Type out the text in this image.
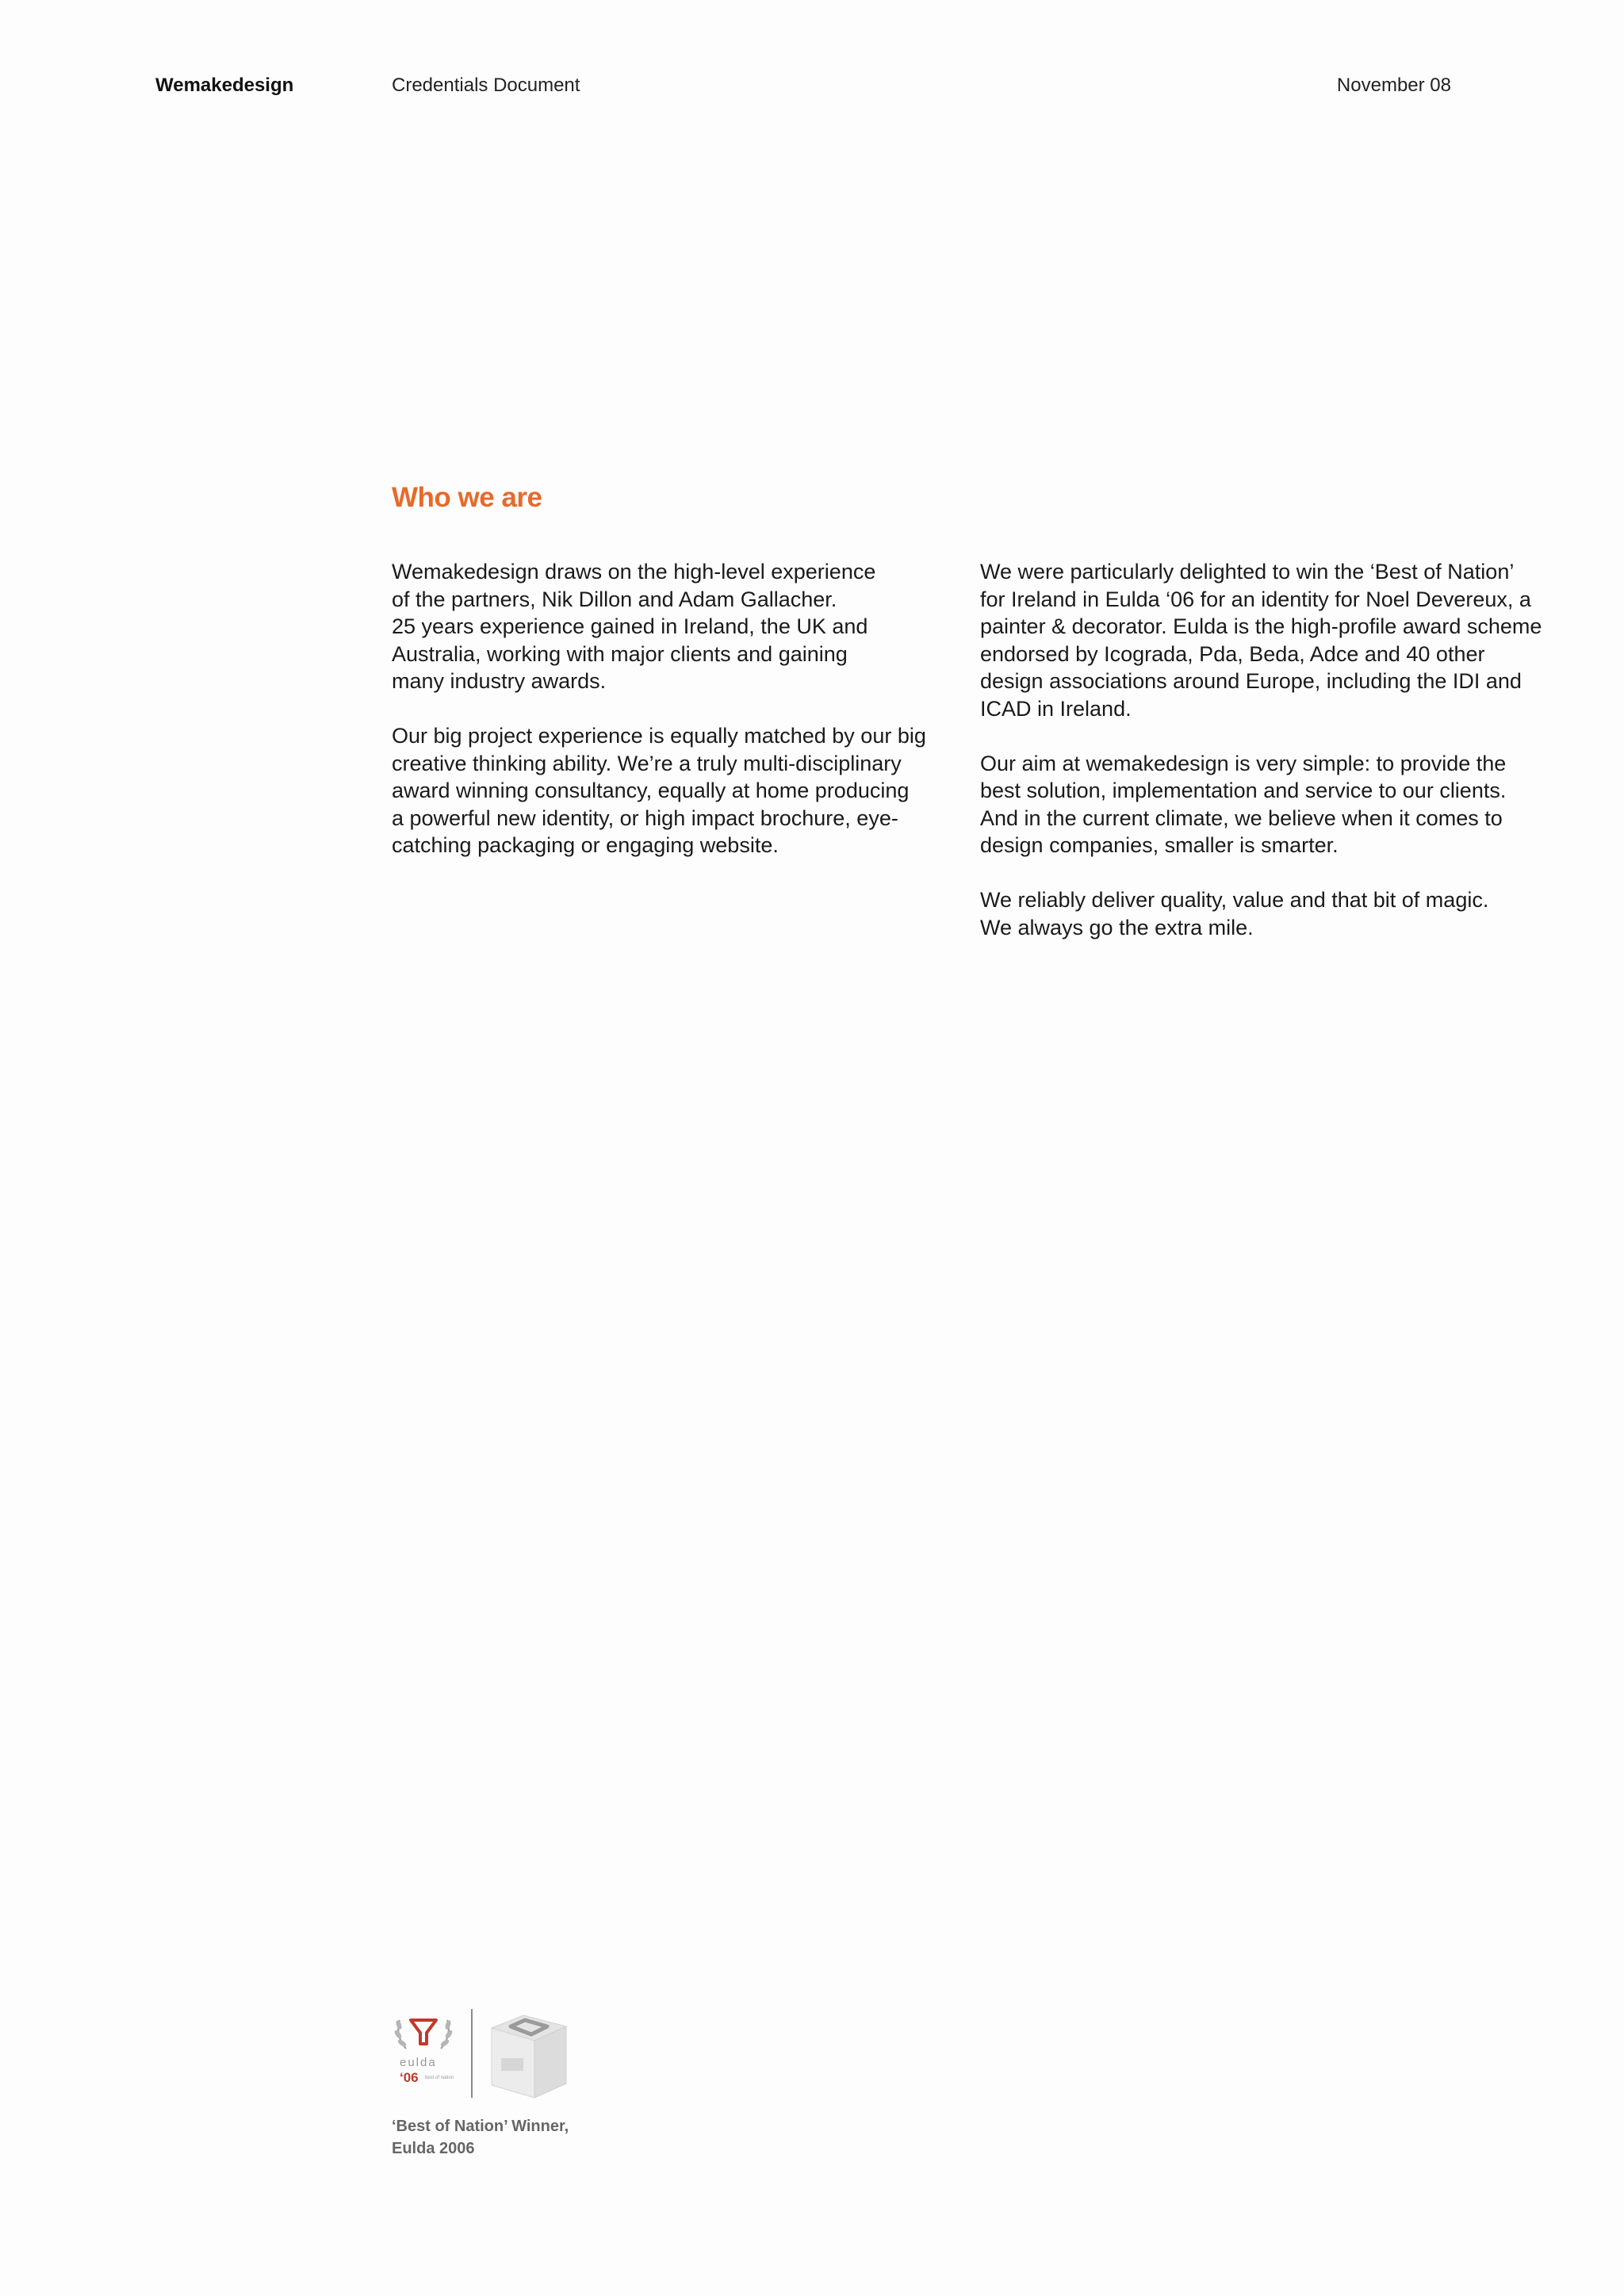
Wemakedesign	Credentials Document	November 08
Who we are

Wemakedesign draws on the high-level experience
of the partners, Nik Dillon and Adam Gallacher.
25 years experience gained in Ireland, the UK and
Australia, working with major clients and gaining
many industry awards.

Our big project experience is equally matched by our big
creative thinking ability. We’re a truly multi-disciplinary
award winning consultancy, equally at home producing
a powerful new identity, or high impact brochure, eye-
catching packaging or engaging website.

We were particularly delighted to win the ‘Best of Nation’
for Ireland in Eulda ‘06 for an identity for Noel Devereux, a
painter & decorator. Eulda is the high-profile award scheme
endorsed by Icograda, Pda, Beda, Adce and 40 other
design associations around Europe, including the IDI and
ICAD in Ireland.

Our aim at wemakedesign is very simple: to provide the
best solution, implementation and service to our clients.
And in the current climate, we believe when it comes to
design companies, smaller is smarter.

We reliably deliver quality, value and that bit of magic.
We always go the extra mile.

eulda
‘06 best of nation
‘Best of Nation’ Winner,
Eulda 2006
